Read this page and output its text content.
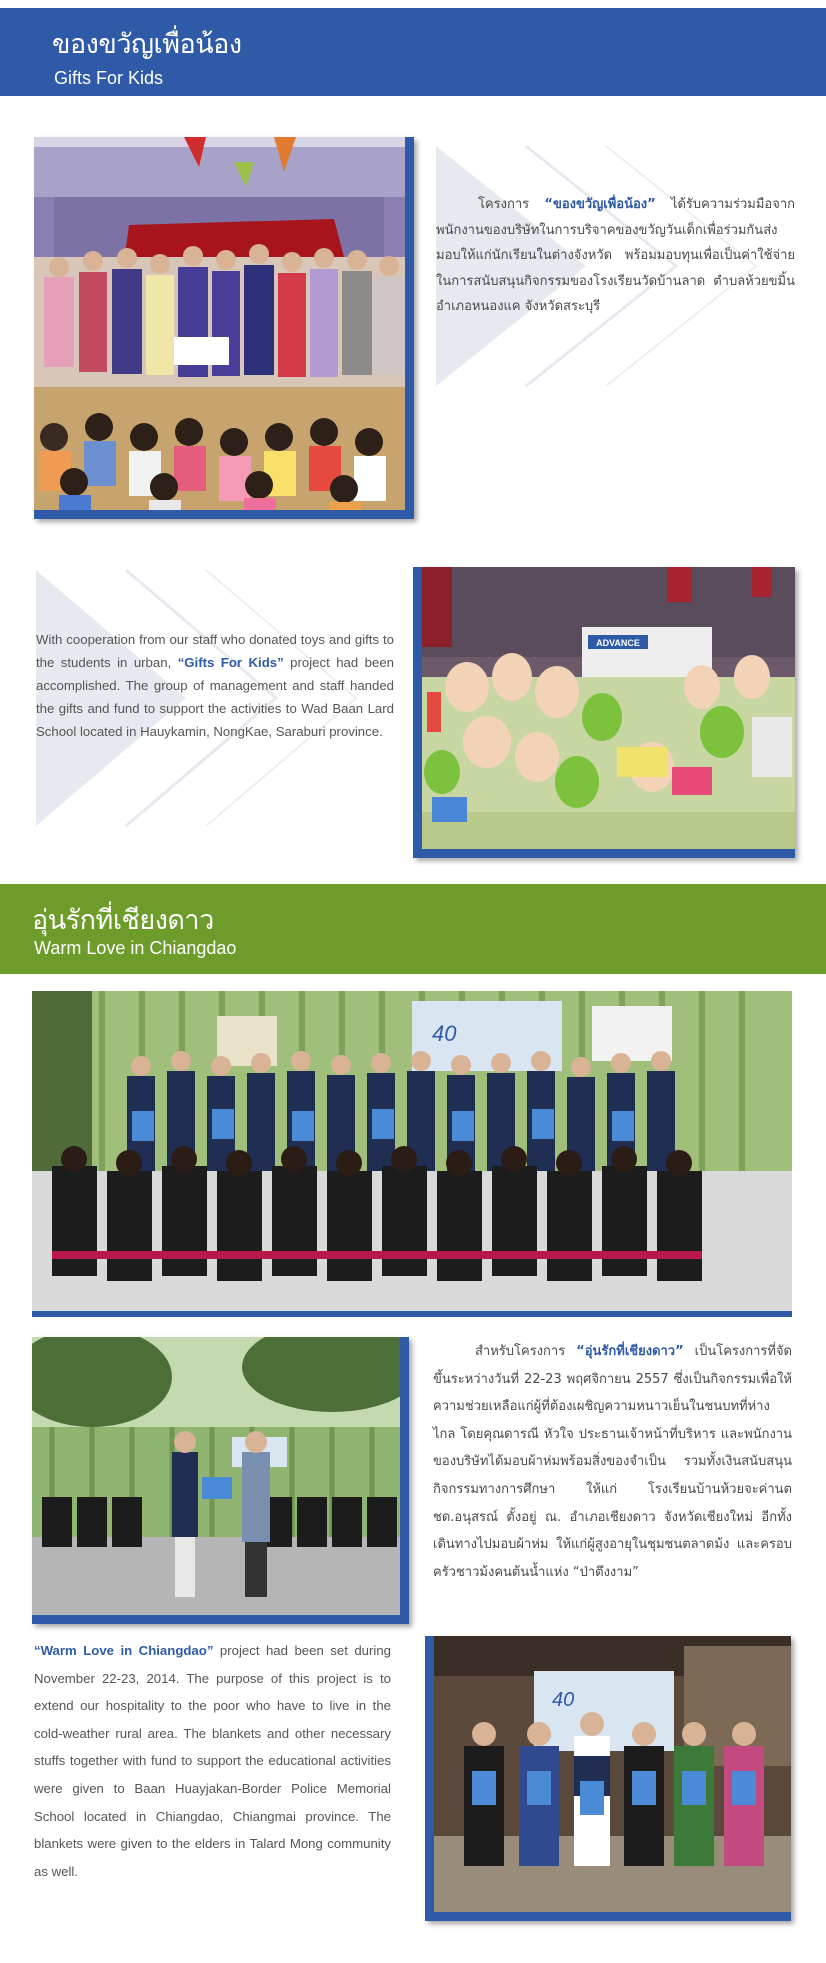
ของขวัญเพื่อน้อง
Gifts For Kids
โครงการ “ของขวัญเพื่อน้อง” ได้รับความร่วมมือจากพนักงานของบริษัทในการบริจาคของขวัญวันเด็กเพื่อร่วมกันส่งมอบให้แก่นักเรียนในต่างจังหวัด พร้อมมอบทุนเพื่อเป็นค่าใช้จ่ายในการสนับสนุนกิจกรรมของโรงเรียนวัดบ้านลาด ตำบลห้วยขมิ้น อำเภอหนองแค จังหวัดสระบุรี
With cooperation from our staff who donated toys and gifts to the students in urban, “Gifts For Kids” project had been accomplished. The group of management and staff handed the gifts and fund to support the activities to Wad Baan Lard School located in Hauykamin, NongKae, Saraburi province.
ADVANCE
อุ่นรักที่เชียงดาว
Warm Love in Chiangdao
40
สำหรับโครงการ “อุ่นรักที่เชียงดาว” เป็นโครงการที่จัดขึ้นระหว่างวันที่ 22-23 พฤศจิกายน 2557 ซึ่งเป็นกิจกรรมเพื่อให้ความช่วยเหลือแก่ผู้ที่ต้องเผชิญความหนาวเย็นในชนบทที่ห่างไกล โดยคุณดารณี หัวใจ ประธานเจ้าหน้าที่บริหาร และพนักงานของบริษัทได้มอบผ้าห่มพร้อมสิ่งของจำเป็น รวมทั้งเงินสนับสนุนกิจกรรมทางการศึกษา ให้แก่ โรงเรียนบ้านห้วยจะค่านตชด.อนุสรณ์ ตั้งอยู่ ณ. อำเภอเชียงดาว จังหวัดเชียงใหม่ อีกทั้งเดินทางไปมอบผ้าห่ม ให้แก่ผู้สูงอายุในชุมชนตลาดม้ง และครอบครัวชาวม้งคนต้นน้ำแห่ง “ป่าตึงงาม”
“Warm Love in Chiangdao” project had been set during November 22-23, 2014. The purpose of this project is to extend our hospitality to the poor who have to live in the cold-weather rural area. The blankets and other necessary stuffs together with fund to support the educational activities were given to Baan Huayjakan-Border Police Memorial School located in Chiangdao, Chiangmai province. The blankets were given to the elders in Talard Mong community as well.
40
